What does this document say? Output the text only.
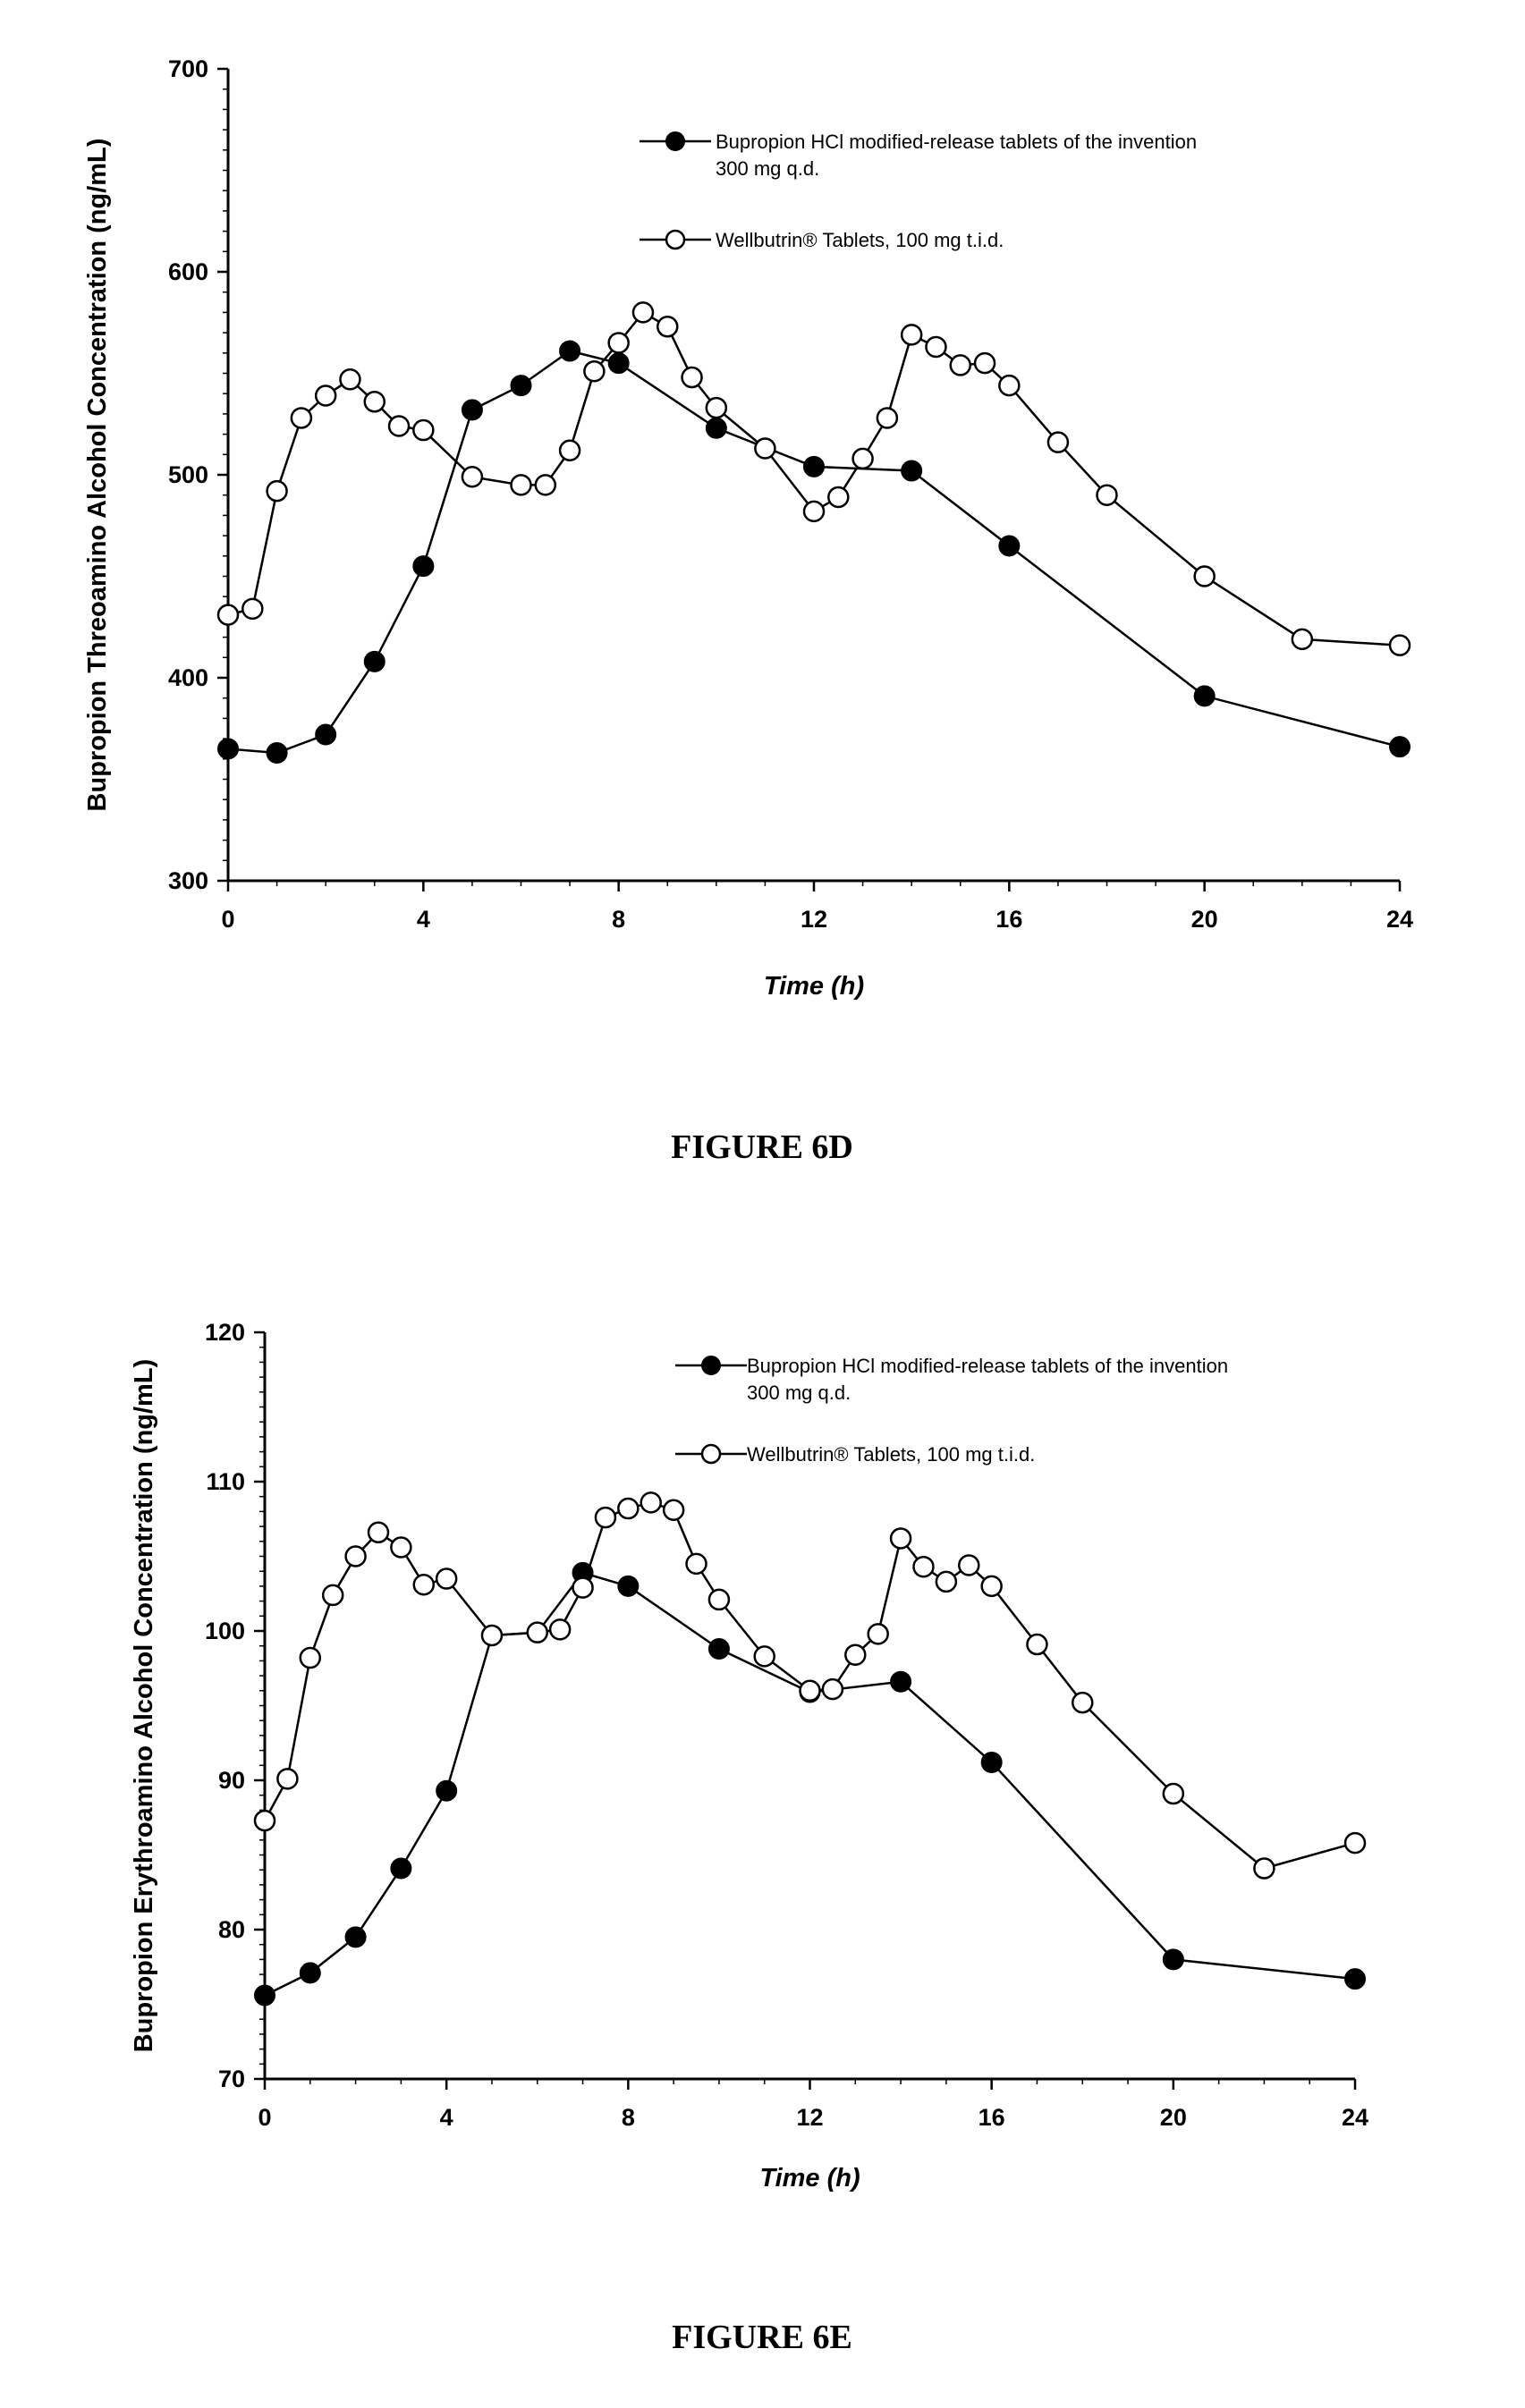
300
400
500
600
700
0	4	8	12	16	20	24
Time (h)
Bupropion Threoamino Alcohol Concentration (ng/mL)	Bupropion HCl modified-release tablets of the invention
300 mg q.d.
Wellbutrin® Tablets, 100 mg t.i.d.
FIGURE 6D
70
80
90
100
110
120
0	4	8	12	16	20	24
Time (h)
Bupropion Erythroamino Alcohol Concentration (ng/mL)	Bupropion HCl modified-release tablets of the invention
300 mg q.d.
Wellbutrin® Tablets, 100 mg t.i.d.
FIGURE 6E
